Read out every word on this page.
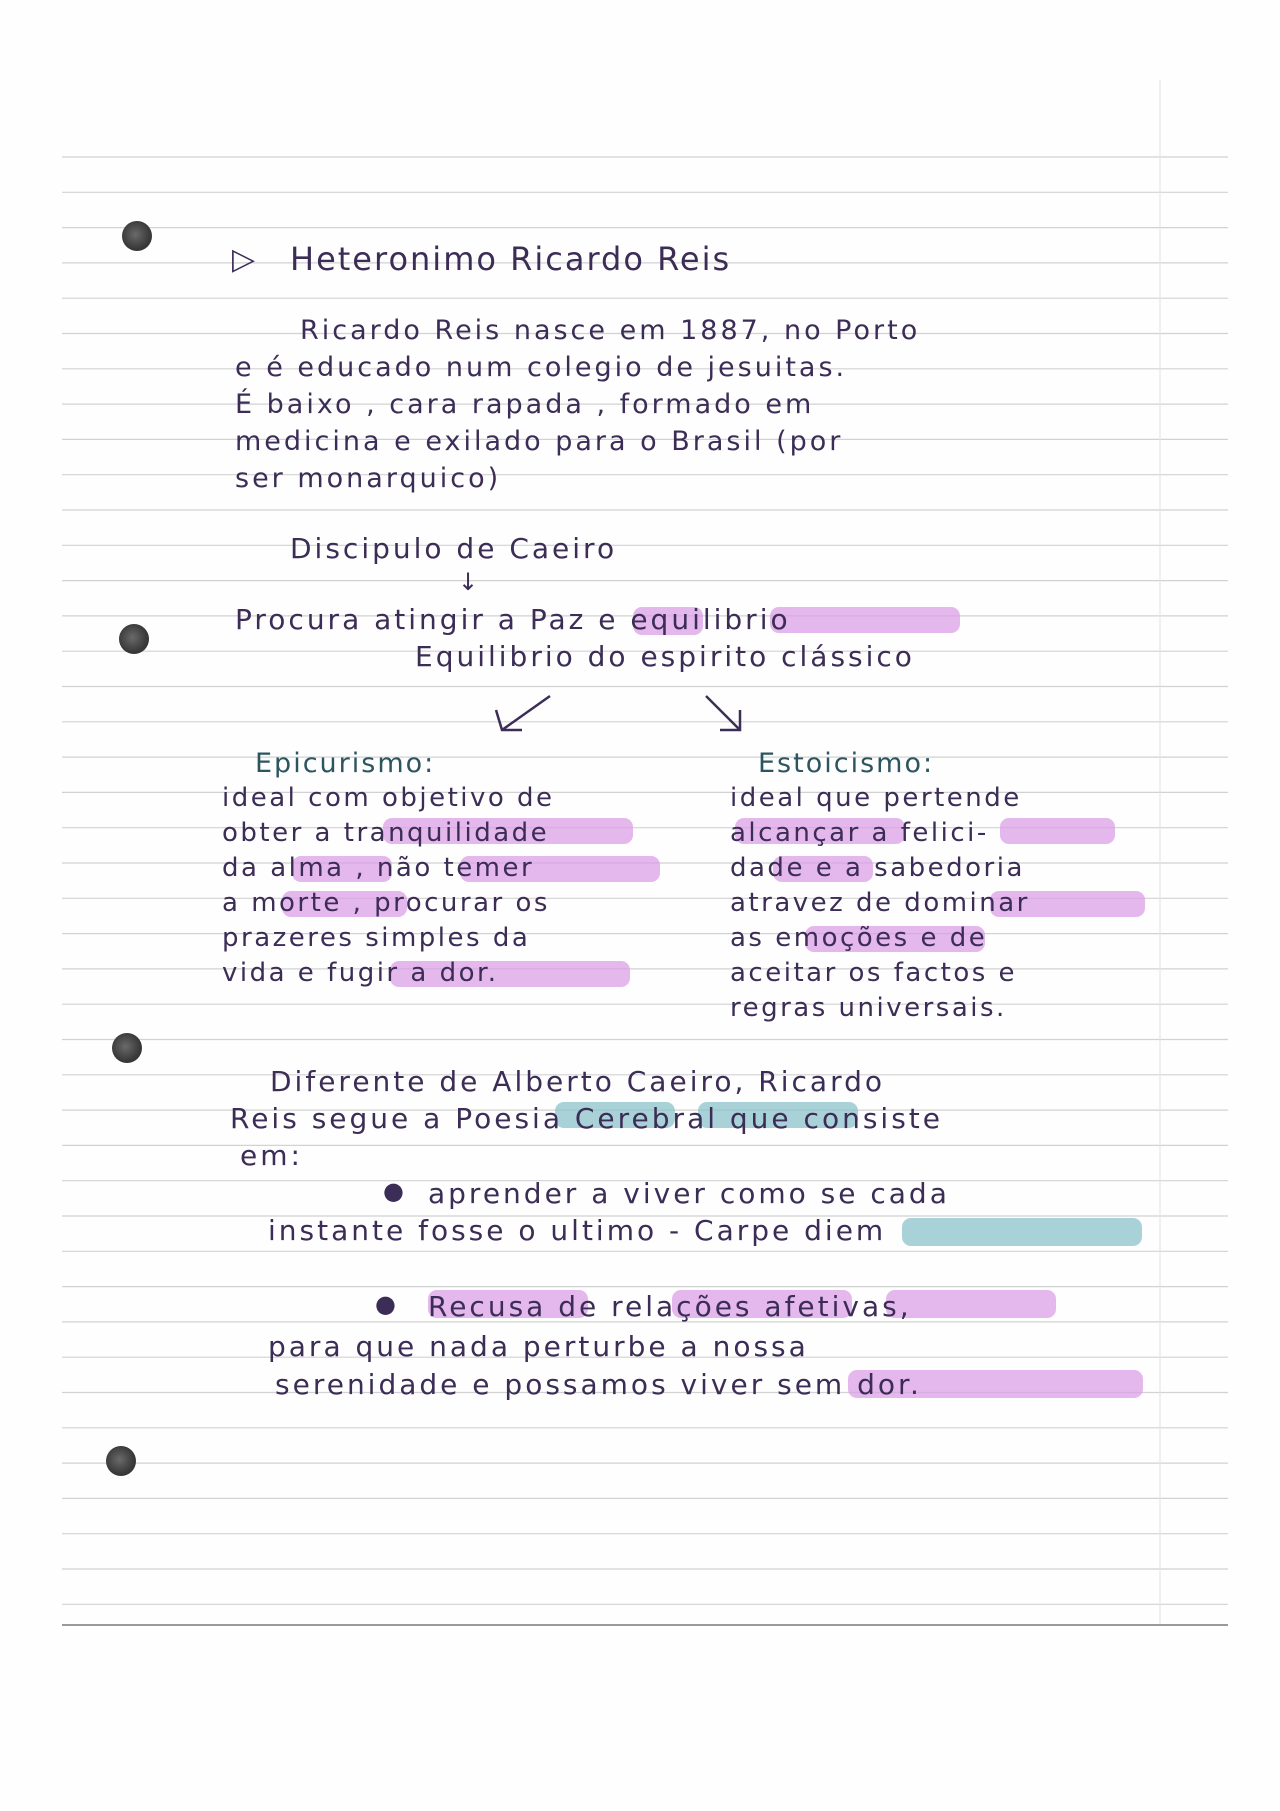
▷ Heteronimo Ricardo Reis
Ricardo Reis nasce em 1887, no Porto
e é educado num colegio de jesuitas.
É baixo , cara rapada , formado em
medicina e exilado para o Brasil (por
ser monarquico)
Discipulo de Caeiro
↓
Procura atingir a Paz e equilibrio
Equilibrio do espirito clássico
Epicurismo:
ideal com objetivo de
obter a tranquilidade
da alma , não temer
a morte , procurar os
prazeres simples da
vida e fugir a dor.
Estoicismo:
ideal que pertende
alcançar a felici-
dade e a sabedoria
atravez de dominar
as emoções e de
aceitar os factos e
regras universais.
Diferente de Alberto Caeiro, Ricardo
Reis segue a Poesia Cerebral que consiste
em:
● aprender a viver como se cada
instante fosse o ultimo - Carpe diem
● Recusa de relações afetivas,
para que nada perturbe a nossa
serenidade e possamos viver sem dor.
